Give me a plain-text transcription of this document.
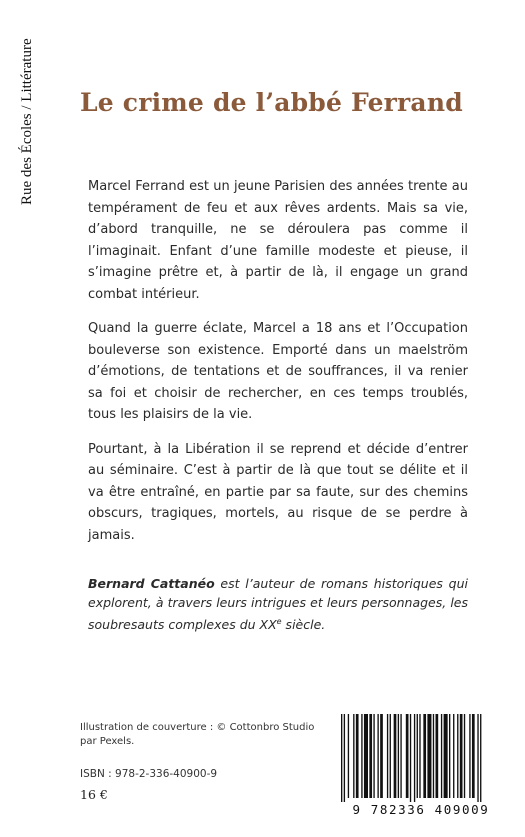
Rue des Écoles / Littérature Le crime de l’abbé Ferrand

Marcel Ferrand est un jeune Parisien des années trente au tempérament de feu et aux rêves ardents. Mais sa vie, d’abord tranquille, ne se déroulera pas comme il l’imaginait. Enfant d’une famille modeste et pieuse, il s’imagine prêtre et, à partir de là, il engage un grand combat intérieur.

Quand la guerre éclate, Marcel a 18 ans et l’Occupation bouleverse son existence. Emporté dans un maelström d’émotions, de tentations et de souffrances, il va renier sa foi et choisir de rechercher, en ces temps troublés, tous les plaisirs de la vie.

Pourtant, à la Libération il se reprend et décide d’entrer au séminaire. C’est à partir de là que tout se délite et il va être entraîné, en partie par sa faute, sur des chemins obscurs, tragiques, mortels, au risque de se perdre à jamais.

Bernard Cattanéo est l’auteur de romans historiques qui explorent, à travers leurs intrigues et leurs personnages, les soubresauts complexes du XXe siècle.
Illustration de couverture : © Cottonbro Studio
par Pexels.
ISBN : 978-2-336-40900-9
16 €
9 782336 409009
